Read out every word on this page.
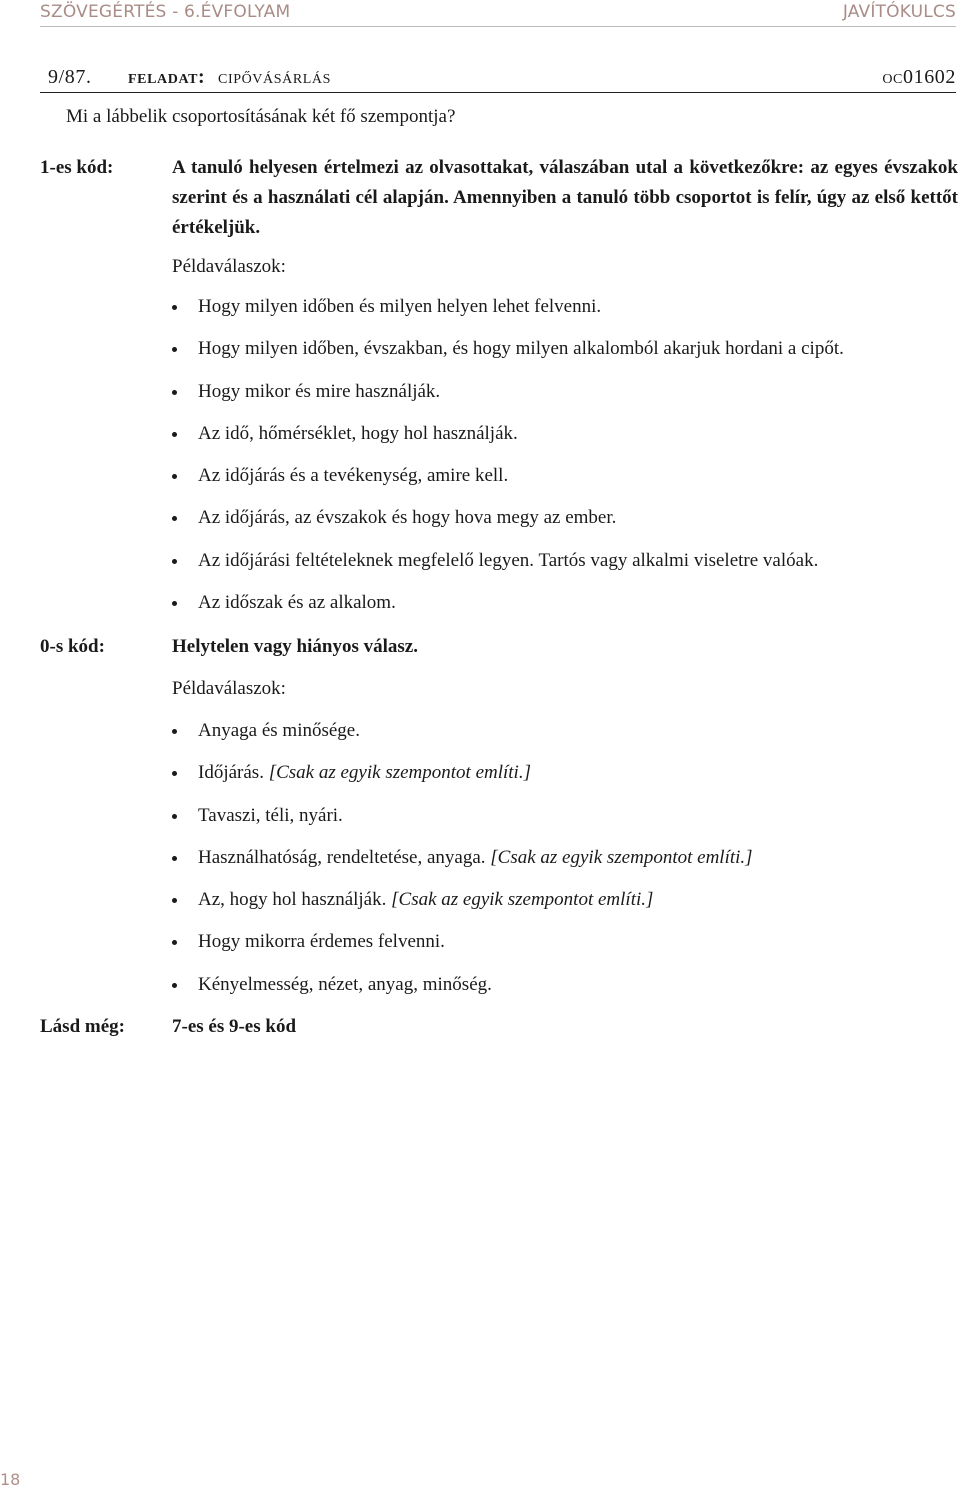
SZÖVEGÉRTÉS - 6.ÉVFOLYAM	JAVÍTÓKULCS
9/87. feladat: cipővásárlás	oc01602
Mi a lábbelik csoportosításának két fő szempontja?
1-es kód:	A tanuló helyesen értelmezi az olvasottakat, válaszában utal a következőkre: az egyes évszakok szerint és a használati cél alapján. Amennyiben a tanuló több csoportot is felír, úgy az első kettőt értékeljük.
Példaválaszok:
Hogy milyen időben és milyen helyen lehet felvenni.
Hogy milyen időben, évszakban, és hogy milyen alkalomból akarjuk hordani a cipőt.
Hogy mikor és mire használják.
Az idő, hőmérséklet, hogy hol használják.
Az időjárás és a tevékenység, amire kell.
Az időjárás, az évszakok és hogy hova megy az ember.
Az időjárási feltételeknek megfelelő legyen. Tartós vagy alkalmi viseletre valóak.
Az időszak és az alkalom.
0-s kód:	Helytelen vagy hiányos válasz.
Példaválaszok:
Anyaga és minősége.
Időjárás. [Csak az egyik szempontot említi.]
Tavaszi, téli, nyári.
Használhatóság, rendeltetése, anyaga. [Csak az egyik szempontot említi.]
Az, hogy hol használják. [Csak az egyik szempontot említi.]
Hogy mikorra érdemes felvenni.
Kényelmesség, nézet, anyag, minőség.
Lásd még: 7-es és 9-es kód
18
